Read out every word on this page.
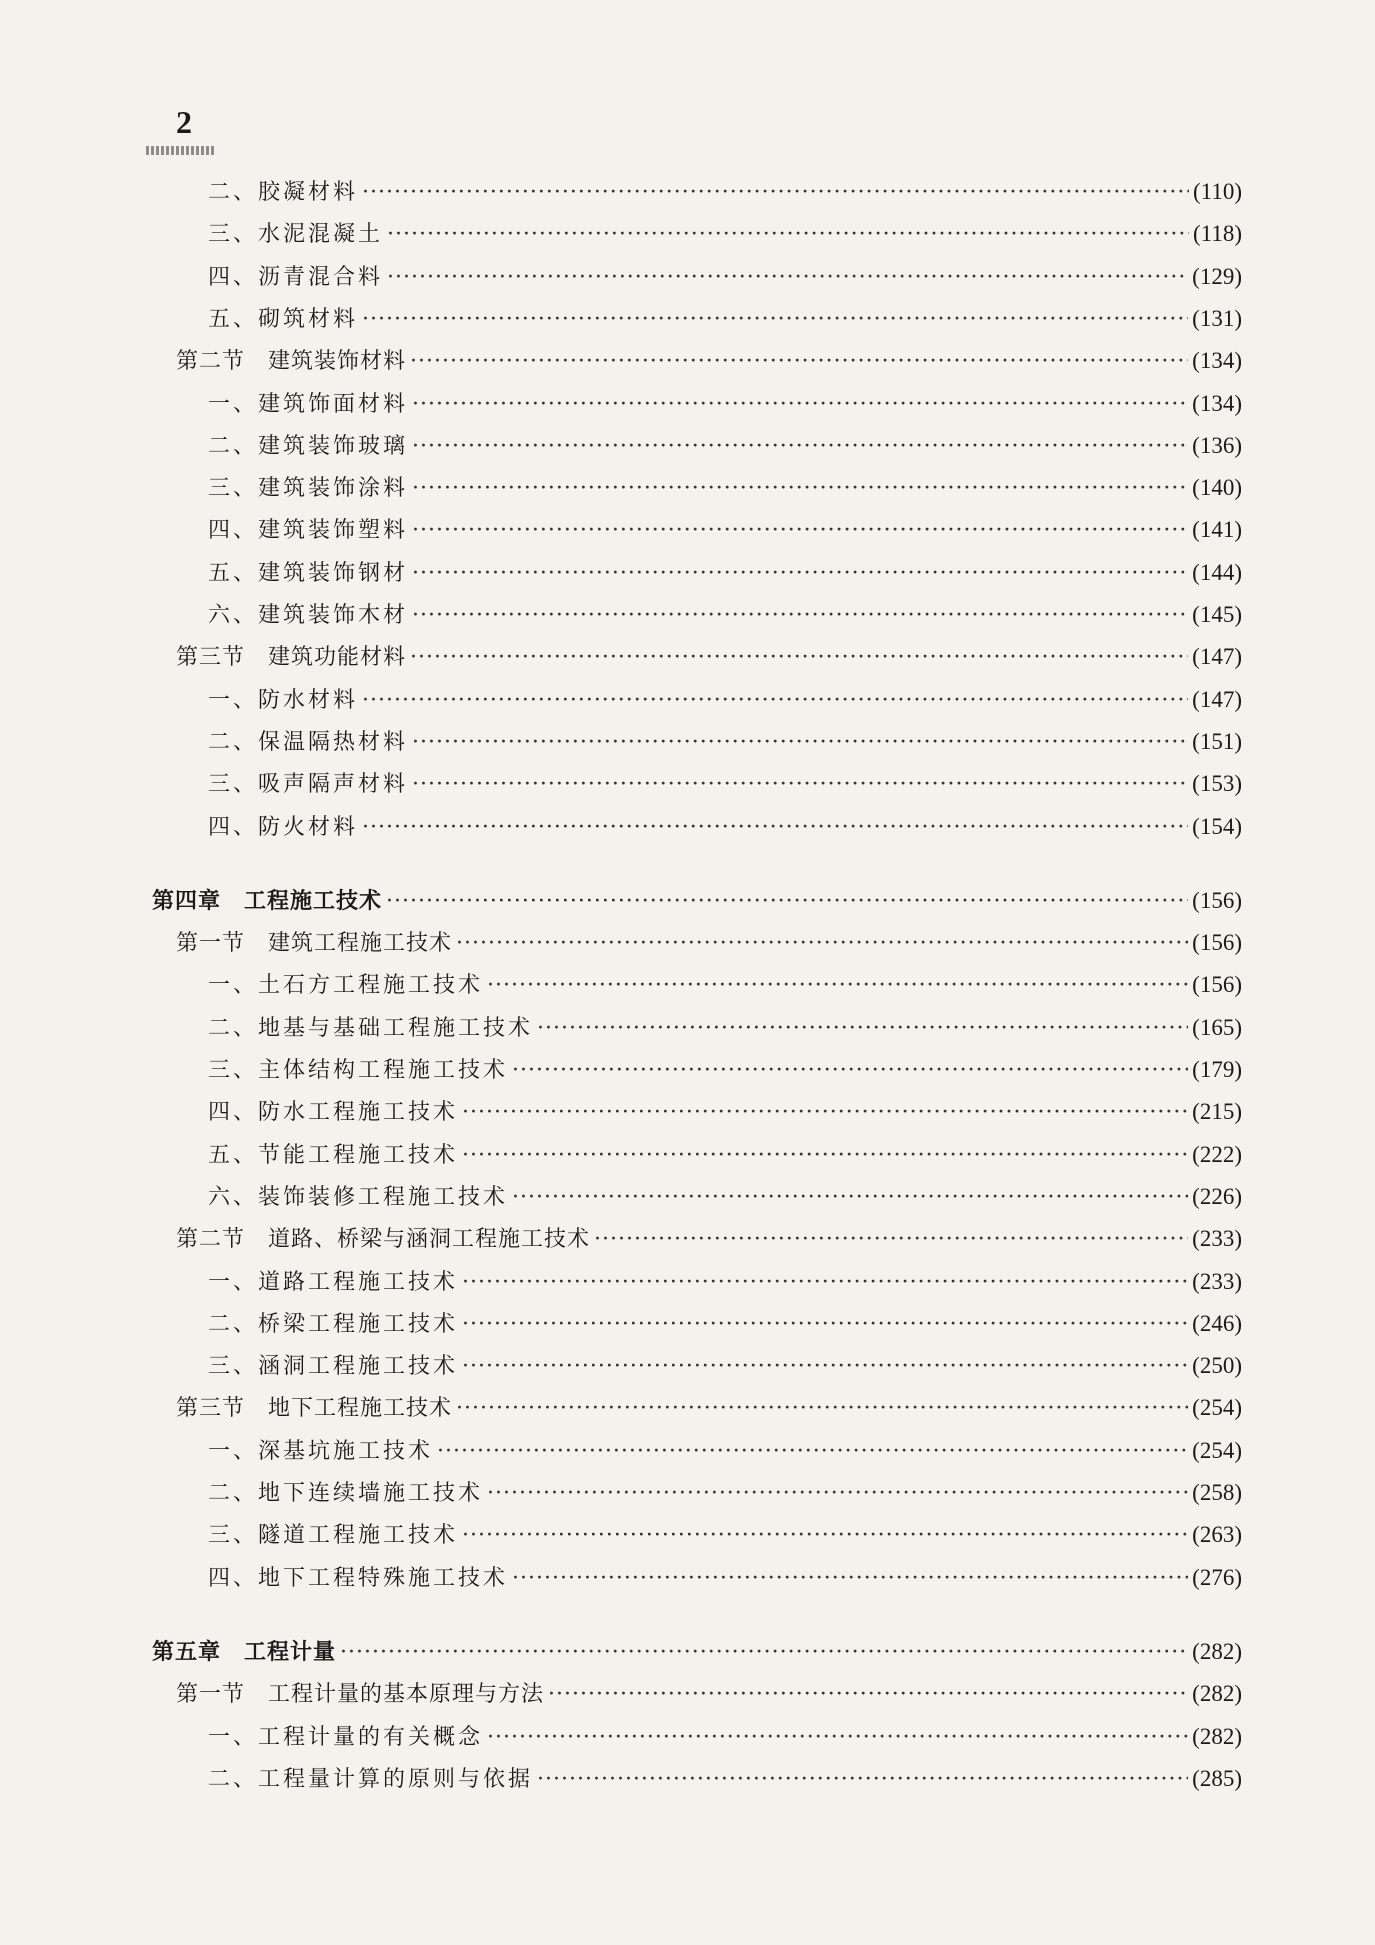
2
二、胶凝材料 ·····	(110)
三、水泥混凝土 ·····	(118)
四、沥青混合料 ·····	(129)
五、砌筑材料 ·····	(131)
第二节　建筑装饰材料 ·····	(134)
一、建筑饰面材料 ·····	(134)
二、建筑装饰玻璃 ·····	(136)
三、建筑装饰涂料 ·····	(140)
四、建筑装饰塑料 ·····	(141)
五、建筑装饰钢材 ·····	(144)
六、建筑装饰木材 ·····	(145)
第三节　建筑功能材料 ·····	(147)
一、防水材料 ·····	(147)
二、保温隔热材料 ·····	(151)
三、吸声隔声材料 ·····	(153)
四、防火材料 ·····	(154)
第四章　工程施工技术 ·····	(156)
第一节　建筑工程施工技术 ·····	(156)
一、土石方工程施工技术 ·····	(156)
二、地基与基础工程施工技术 ·····	(165)
三、主体结构工程施工技术 ·····	(179)
四、防水工程施工技术 ·····	(215)
五、节能工程施工技术 ·····	(222)
六、装饰装修工程施工技术 ·····	(226)
第二节　道路、桥梁与涵洞工程施工技术 ·····	(233)
一、道路工程施工技术 ·····	(233)
二、桥梁工程施工技术 ·····	(246)
三、涵洞工程施工技术 ·····	(250)
第三节　地下工程施工技术 ·····	(254)
一、深基坑施工技术 ·····	(254)
二、地下连续墙施工技术 ·····	(258)
三、隧道工程施工技术 ·····	(263)
四、地下工程特殊施工技术 ·····	(276)
第五章　工程计量 ·····	(282)
第一节　工程计量的基本原理与方法 ·····	(282)
一、工程计量的有关概念 ·····	(282)
二、工程量计算的原则与依据 ·····	(285)
